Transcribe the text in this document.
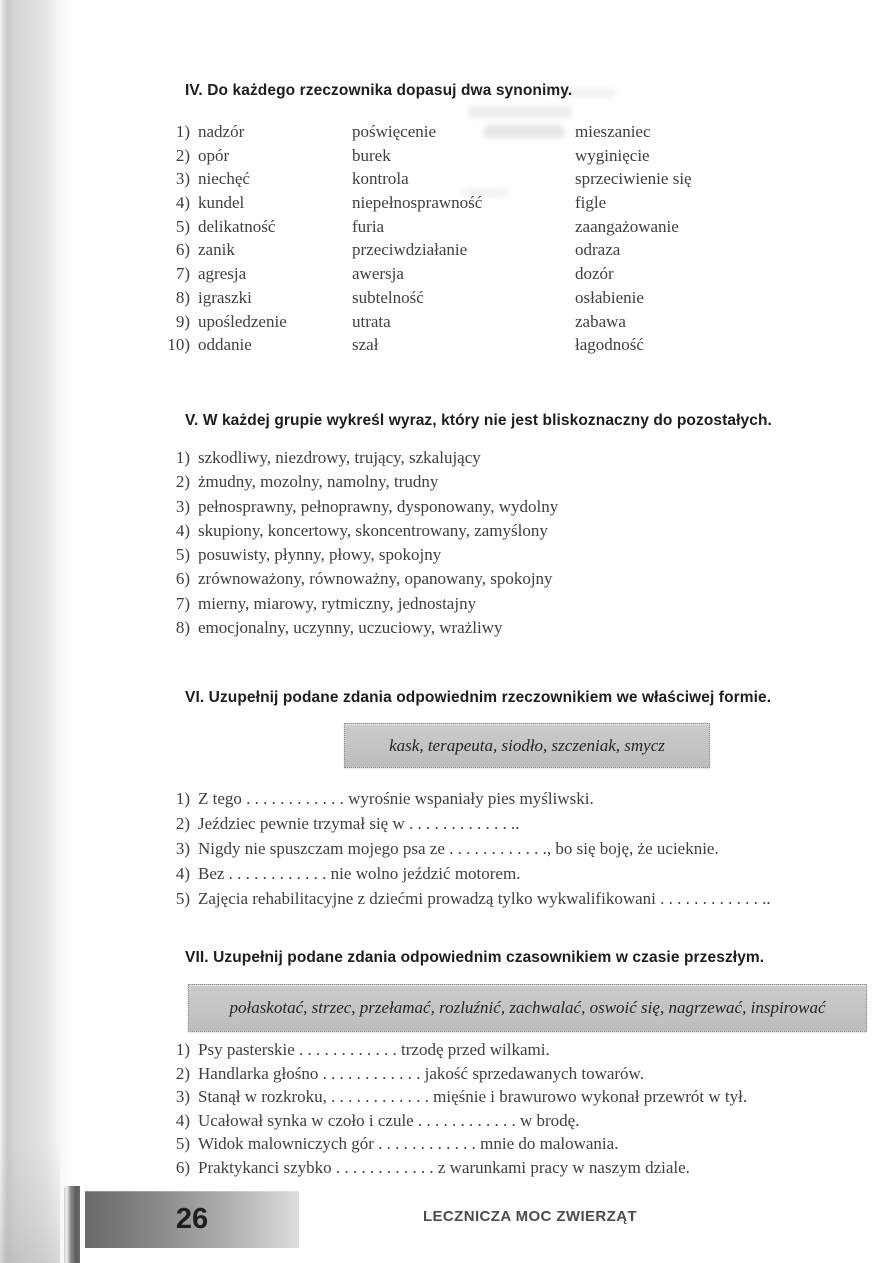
IV. Do każdego rzeczownika dopasuj dwa synonimy.
1) nadzór	poświęcenie	mieszaniec
2) opór	burek	wyginięcie
3) niechęć	kontrola	sprzeciwienie się
4) kundel	niepełnosprawność	figle
5) delikatność	furia	zaangażowanie
6) zanik	przeciwdziałanie	odraza
7) agresja	awersja	dozór
8) igraszki	subtelność	osłabienie
9) upośledzenie	utrata	zabawa
10) oddanie	szał	łagodność
V. W każdej grupie wykreśl wyraz, który nie jest bliskoznaczny do pozostałych.
1) szkodliwy, niezdrowy, trujący, szkalujący
2) żmudny, mozolny, namolny, trudny
3) pełnosprawny, pełnoprawny, dysponowany, wydolny
4) skupiony, koncertowy, skoncentrowany, zamyślony
5) posuwisty, płynny, płowy, spokojny
6) zrównoważony, równoważny, opanowany, spokojny
7) mierny, miarowy, rytmiczny, jednostajny
8) emocjonalny, uczynny, uczuciowy, wrażliwy
VI. Uzupełnij podane zdania odpowiednim rzeczownikiem we właściwej formie.
kask, terapeuta, siodło, szczeniak, smycz
1) Z tego . . . . . . . . . . . . wyrośnie wspaniały pies myśliwski.
2) Jeździec pewnie trzymał się w . . . . . . . . . . . . ..
3) Nigdy nie spuszczam mojego psa ze . . . . . . . . . . . ., bo się boję, że ucieknie.
4) Bez . . . . . . . . . . . . nie wolno jeździć motorem.
5) Zajęcia rehabilitacyjne z dziećmi prowadzą tylko wykwalifikowani . . . . . . . . . . . . ..
VII. Uzupełnij podane zdania odpowiednim czasownikiem w czasie przeszłym.
połaskotać, strzec, przełamać, rozluźnić, zachwalać, oswoić się, nagrzewać, inspirować
1) Psy pasterskie . . . . . . . . . . . . trzodę przed wilkami.
2) Handlarka głośno . . . . . . . . . . . . jakość sprzedawanych towarów.
3) Stanął w rozkroku, . . . . . . . . . . . . mięśnie i brawurowo wykonał przewrót w tył.
4) Ucałował synka w czoło i czule . . . . . . . . . . . . w brodę.
5) Widok malowniczych gór . . . . . . . . . . . . mnie do malowania.
6) Praktykanci szybko . . . . . . . . . . . . z warunkami pracy w naszym dziale.
26	LECZNICZA MOC ZWIERZĄT
